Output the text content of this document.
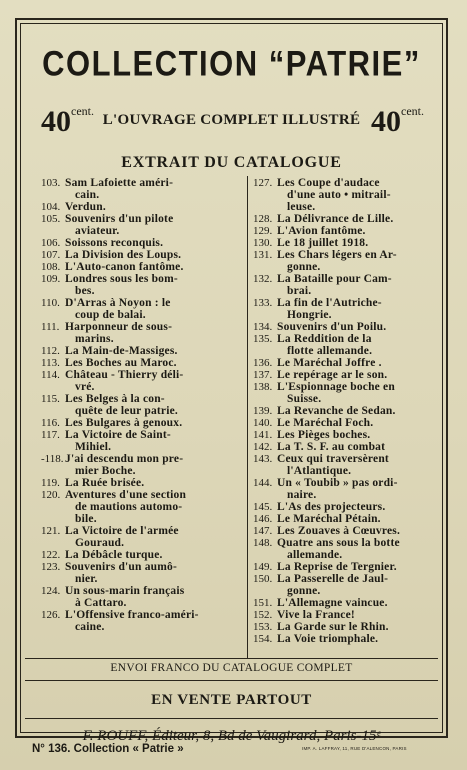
COLLECTION “PATRIE”
$40^{cent.}$
L'OUVRAGE COMPLET ILLUSTRÉ $40^{cent.}$
EXTRAIT DU CATALOGUE
103. Sam Lafoiette améri-
cain.
104. Verdun.
105. Souvenirs d'un pilote
aviateur.
106. Soissons reconquis.
107. La Division des Loups.
108. L'Auto-canon fantôme.
109. Londres sous les bom-
bes.
110. D'Arras à Noyon : le
coup de balai.
111. Harponneur de sous-
marins.
112. La Main-de-Massiges.
113. Les Boches au Maroc.
114. Château - Thierry déli-
vré.
115. Les Belges à la con-
quête de leur patrie.
116. Les Bulgares à genoux.
117. La Victoire de Saint-
Mihiel.
-118. J'ai descendu mon pre-
mier Boche.
119. La Ruée brisée.
120. Aventures d'une section
de mautions automo-
bile.
121. La Victoire de l'armée
Gouraud.
122. La Débâcle turque.
123. Souvenirs d'un aumô-
nier.
124. Un sous-marin français
à Cattaro.
126. L'Offensive franco-améri-
caine.
127. Les Coupe d'audace
d'une auto • mitrail-
leuse.
128. La Délivrance de Lille.
129. L'Avion fantôme.
130. Le 18 juillet 1918.
131. Les Chars légers en Ar-
gonne.
132. La Bataille pour Cam-
brai.
133. La fin de l'Autriche-
Hongrie.
134. Souvenirs d'un Poilu.
135. La Reddition de la
flotte allemande.
136. Le Maréchal Joffre .
137. Le repérage ar le son.
138. L'Espionnage boche en
Suisse.
139. La Revanche de Sedan.
140. Le Maréchal Foch.
141. Les Pièges boches.
142. La T. S. F. au combat
143. Ceux qui traversèrent
l'Atlantique.
144. Un « Toubib » pas ordi-
naire.
145. L'As des projecteurs.
146. Le Maréchal Pétain.
147. Les Zouaves à Cœuvres.
148. Quatre ans sous la botte
allemande.
149. La Reprise de Tergnier.
150. La Passerelle de Jaul-
gonne.
151. L'Allemagne vaincue.
152. Vive la France!
153. La Garde sur le Rhin.
154. La Voie triomphale.
ENVOI FRANCO DU CATALOGUE COMPLET
EN VENTE PARTOUT
F. ROUFF, Éditeur, 8, Bd de Vaugirard, Paris-15ᵉ
N° 136. Collection « Patrie »	IMP. A. LAFFRAY, 11, RUE D'ALENCON, PARIS
